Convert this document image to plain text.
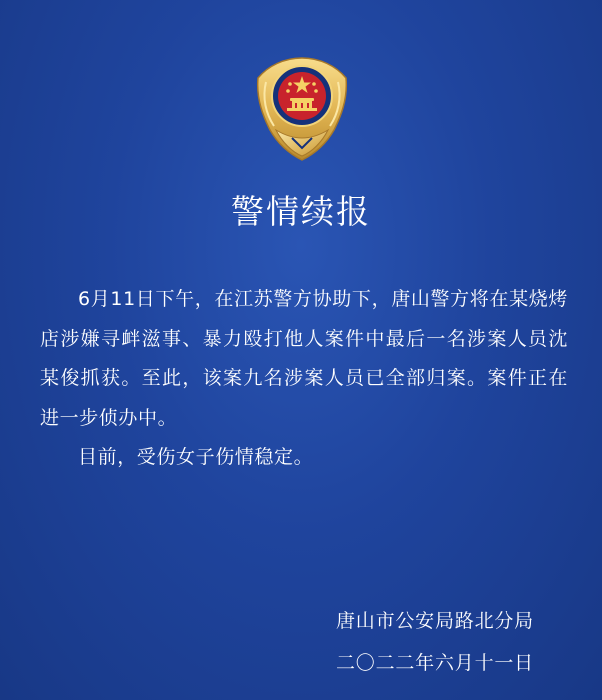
警情续报

6月11日下午，在江苏警方协助下，唐山警方将在某烧烤店涉嫌寻衅滋事、暴力殴打他人案件中最后一名涉案人员沈某俊抓获。至此，该案九名涉案人员已全部归案。案件正在进一步侦办中。

目前，受伤女子伤情稳定。

唐山市公安局路北分局
二〇二二年六月十一日
